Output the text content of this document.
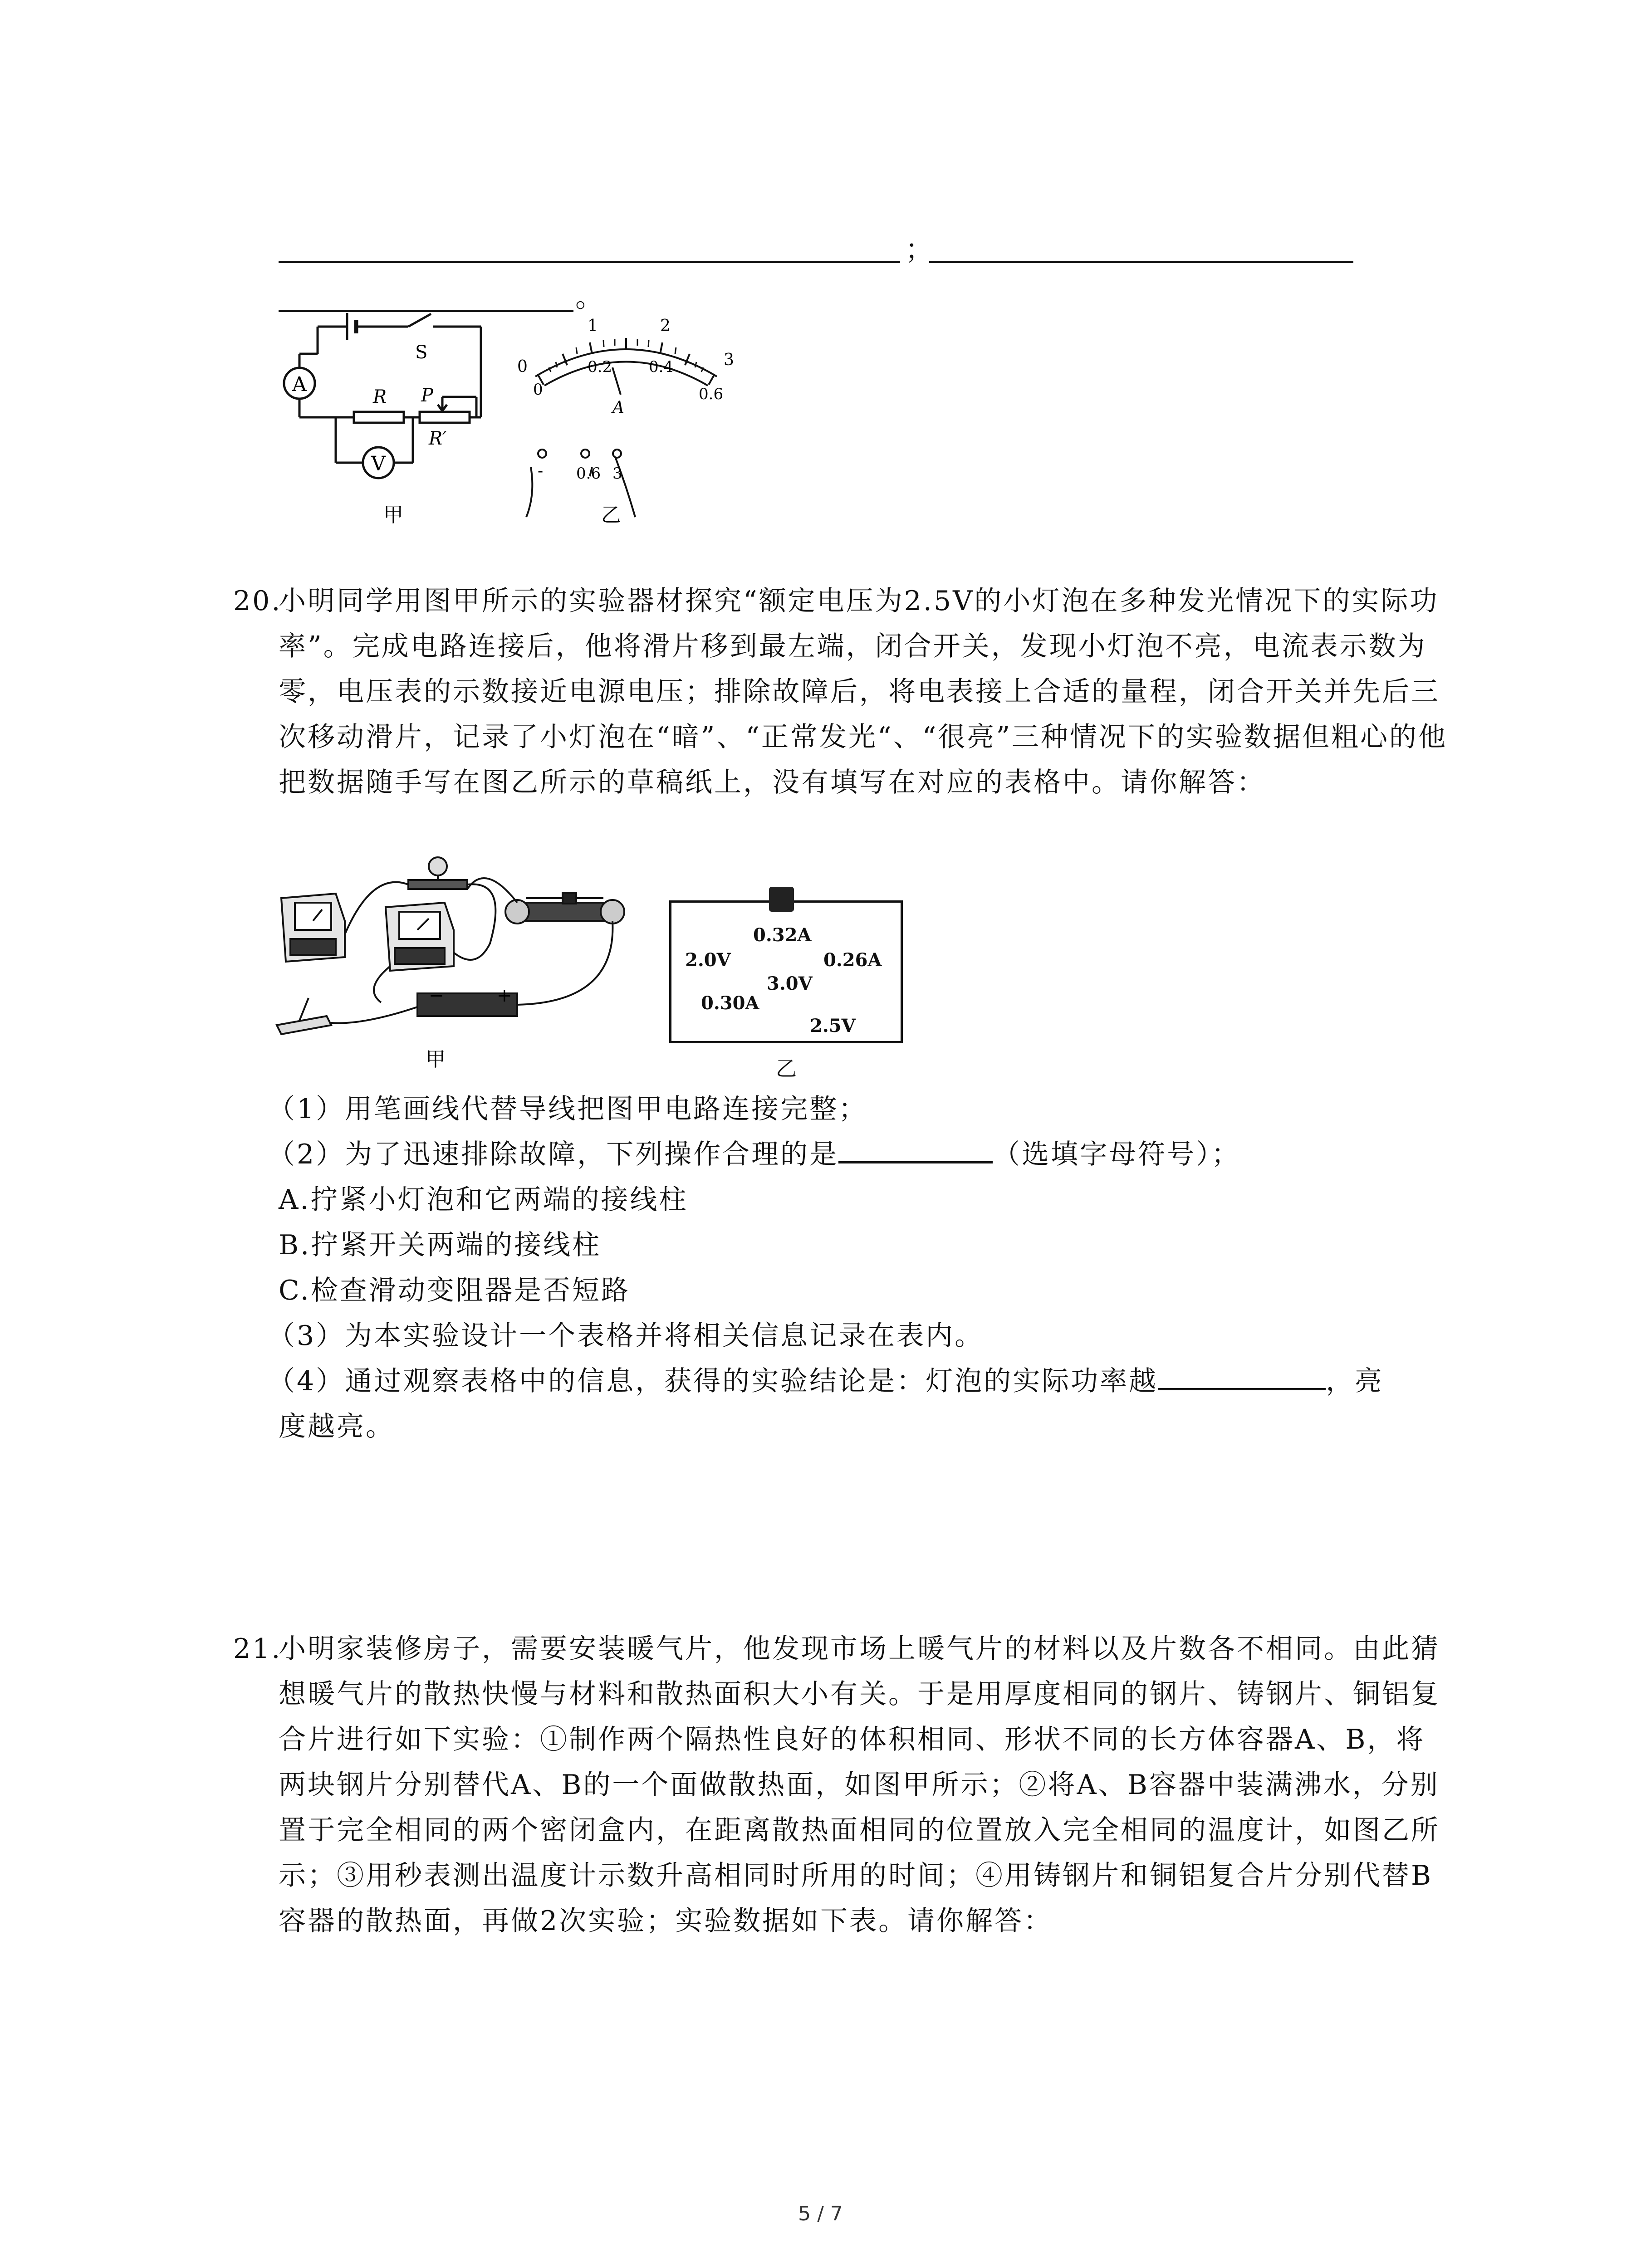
；
。
A
V
S
R P
R′
甲
0
1	2
3
0
0.2 0.4
0.6
A
- 0.6 3
乙
20.
小明同学用图甲所示的实验器材探究“额定电压为2.5V的小灯泡在多种发光情况下的实际功率”。完成电路连接后，他将滑片移到最左端，闭合开关，发现小灯泡不亮，电流表示数为零，电压表的示数接近电源电压；排除故障后，将电表接上合适的量程，闭合开关并先后三次移动滑片，记录了小灯泡在“暗”、“正常发光“、“很亮”三种情况下的实验数据但粗心的他把数据随手写在图乙所示的草稿纸上，没有填写在对应的表格中。请你解答：
−	+
甲
0.32A
2.0V	0.26A
3.0V
0.30A
2.5V
乙
（1）用笔画线代替导线把图甲电路连接完整；
（2）为了迅速排除故障，下列操作合理的是	（选填字母符号）；
A.拧紧小灯泡和它两端的接线柱
B.拧紧开关两端的接线柱
C.检查滑动变阻器是否短路
（3）为本实验设计一个表格并将相关信息记录在表内。
（4）通过观察表格中的信息，获得的实验结论是：灯泡的实际功率越	，亮
度越亮。
21.
小明家装修房子，需要安装暖气片，他发现市场上暖气片的材料以及片数各不相同。由此猜想暖气片的散热快慢与材料和散热面积大小有关。于是用厚度相同的钢片、铸钢片、铜铝复合片进行如下实验：①制作两个隔热性良好的体积相同、形状不同的长方体容器A、B，将两块钢片分别替代A、B的一个面做散热面，如图甲所示；②将A、B容器中装满沸水，分别置于完全相同的两个密闭盒内，在距离散热面相同的位置放入完全相同的温度计，如图乙所示；③用秒表测出温度计示数升高相同时所用的时间；④用铸钢片和铜铝复合片分别代替B容器的散热面，再做2次实验；实验数据如下表。请你解答：
5 / 7
